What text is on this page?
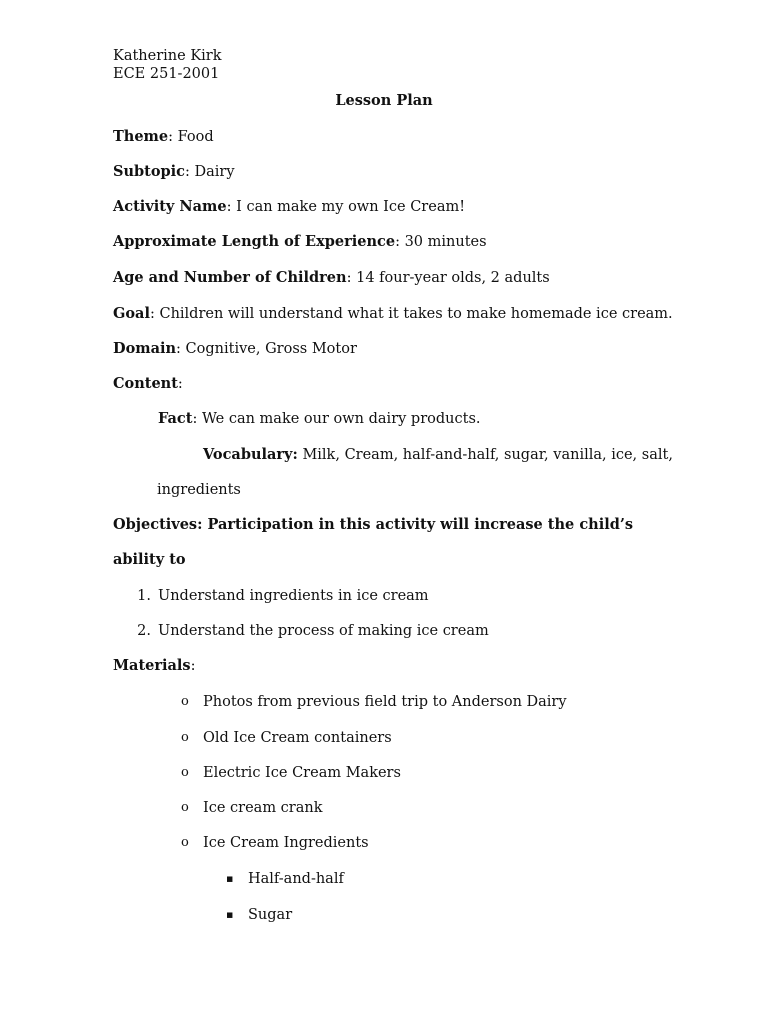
Katherine Kirk
ECE 251-2001
Lesson Plan
Theme: Food
Subtopic: Dairy
Activity Name: I can make my own Ice Cream!
Approximate Length of Experience: 30 minutes
Age and Number of Children: 14 four-year olds, 2 adults
Goal: Children will understand what it takes to make homemade ice cream.
Domain: Cognitive, Gross Motor
Content:
Fact: We can make our own dairy products.
Vocabulary: Milk, Cream, half-and-half, sugar, vanilla, ice, salt,
ingredients
Objectives: Participation in this activity will increase the child’s
ability to
1. Understand ingredients in ice cream
2. Understand the process of making ice cream
Materials:
o Photos from previous field trip to Anderson Dairy
o Old Ice Cream containers
o Electric Ice Cream Makers
o Ice cream crank
o Ice Cream Ingredients
▪ Half-and-half
▪ Sugar
